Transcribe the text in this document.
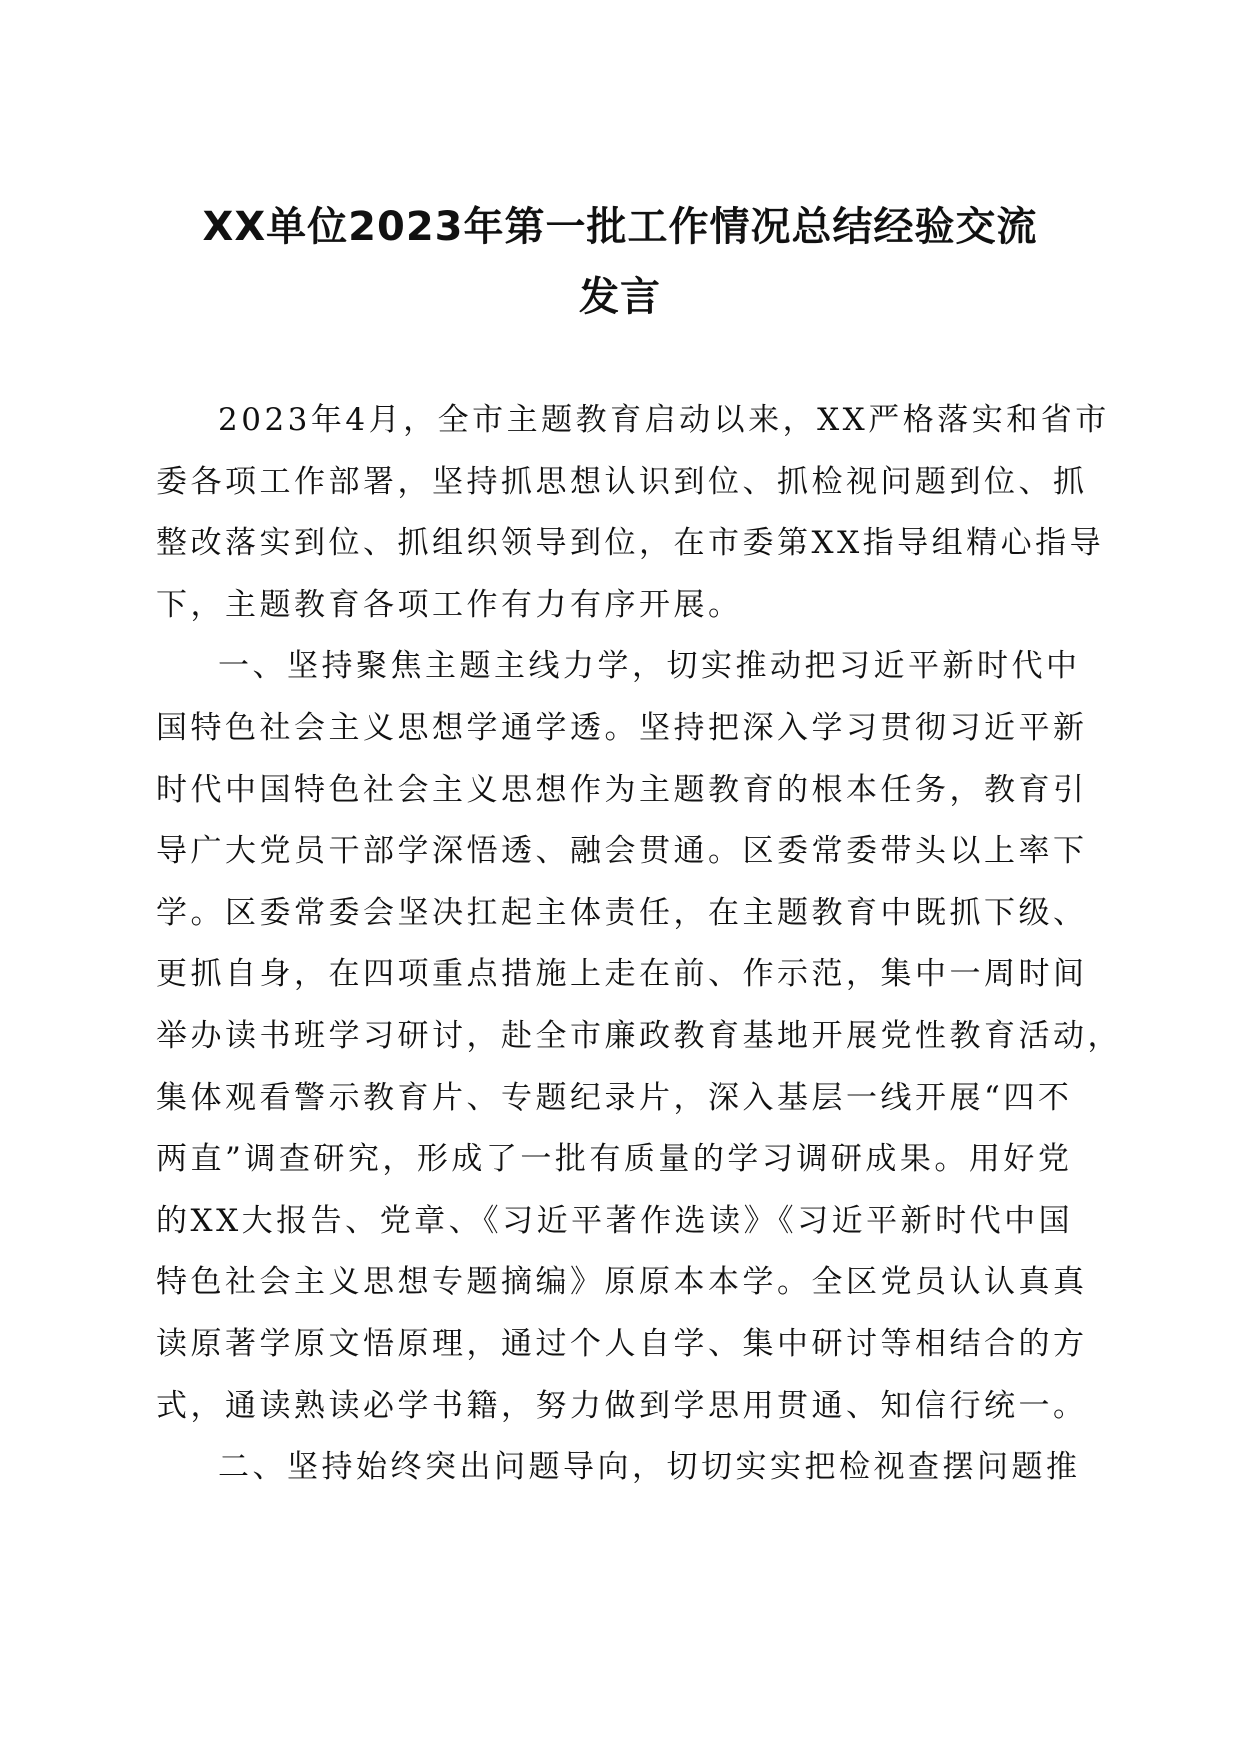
XX单位2023年第一批工作情况总结经验交流
发言
2023年4月，全市主题教育启动以来，XX严格落实和省市
委各项工作部署，坚持抓思想认识到位、抓检视问题到位、抓
整改落实到位、抓组织领导到位，在市委第XX指导组精心指导
下，主题教育各项工作有力有序开展。
一、坚持聚焦主题主线力学，切实推动把习近平新时代中
国特色社会主义思想学通学透。坚持把深入学习贯彻习近平新
时代中国特色社会主义思想作为主题教育的根本任务，教育引
导广大党员干部学深悟透、融会贯通。区委常委带头以上率下
学。区委常委会坚决扛起主体责任，在主题教育中既抓下级、
更抓自身，在四项重点措施上走在前、作示范，集中一周时间
举办读书班学习研讨，赴全市廉政教育基地开展党性教育活动，
集体观看警示教育片、专题纪录片，深入基层一线开展“四不
两直”调查研究，形成了一批有质量的学习调研成果。用好党
的XX大报告、党章、《习近平著作选读》《习近平新时代中国
特色社会主义思想专题摘编》原原本本学。全区党员认认真真
读原著学原文悟原理，通过个人自学、集中研讨等相结合的方
式，通读熟读必学书籍，努力做到学思用贯通、知信行统一。
二、坚持始终突出问题导向，切切实实把检视查摆问题推
